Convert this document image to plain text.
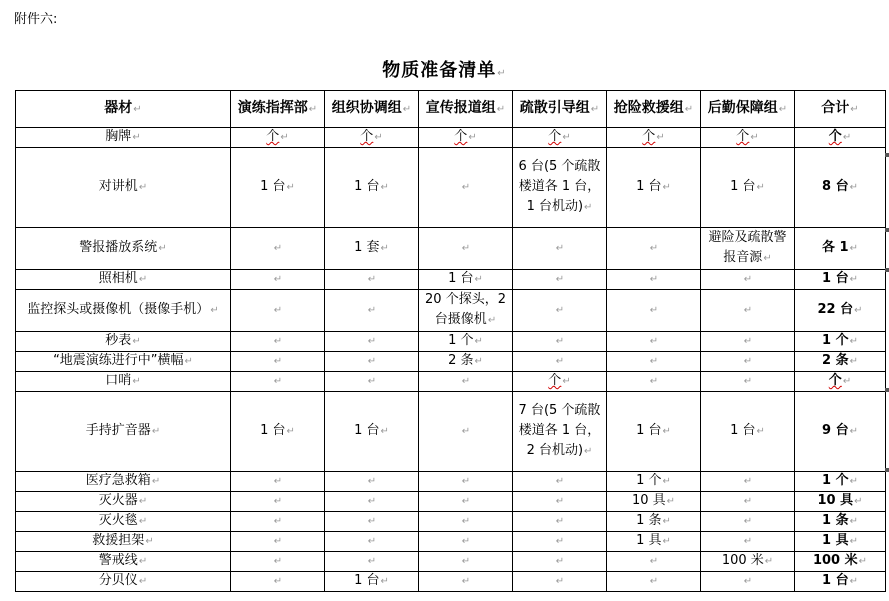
附件六:
物质准备清单↵
器材↵	演练指挥部↵	组织协调组↵	宣传报道组↵	疏散引导组↵	抢险救援组↵	后勤保障组↵	合计↵
胸牌↵	个↵	个↵	个↵	个↵	个↵	个↵	个↵
对讲机↵	1 台↵	1 台↵	↵	6 台(5 个疏散楼道各 1 台，1 台机动)↵	1 台↵	1 台↵	8 台↵
警报播放系统↵	↵	1 套↵	↵	↵	↵	避险及疏散警报音源↵	各 1↵
照相机↵	↵	↵	1 台↵	↵	↵	↵	1 台↵
监控探头或摄像机（摄像手机）↵	↵	↵	20 个探头，2 台摄像机↵	↵	↵	↵	22 台↵
秒表↵	↵	↵	1 个↵	↵	↵	↵	1 个↵
“地震演练进行中”横幅↵	↵	↵	2 条↵	↵	↵	↵	2 条↵
口哨↵	↵	↵	↵	个↵	↵	↵	个↵
手持扩音器↵	1 台↵	1 台↵	↵	7 台(5 个疏散楼道各 1 台，2 台机动)↵	1 台↵	1 台↵	9 台↵
医疗急救箱↵	↵	↵	↵	↵	1 个↵	↵	1 个↵
灭火器↵	↵	↵	↵	↵	10 具↵	↵	10 具↵
灭火毯↵	↵	↵	↵	↵	1 条↵	↵	1 条↵
救援担架↵	↵	↵	↵	↵	1 具↵	↵	1 具↵
警戒线↵	↵	↵	↵	↵	↵	100 米↵	100 米↵
分贝仪↵	↵	1 台↵	↵	↵	↵	↵	1 台↵
